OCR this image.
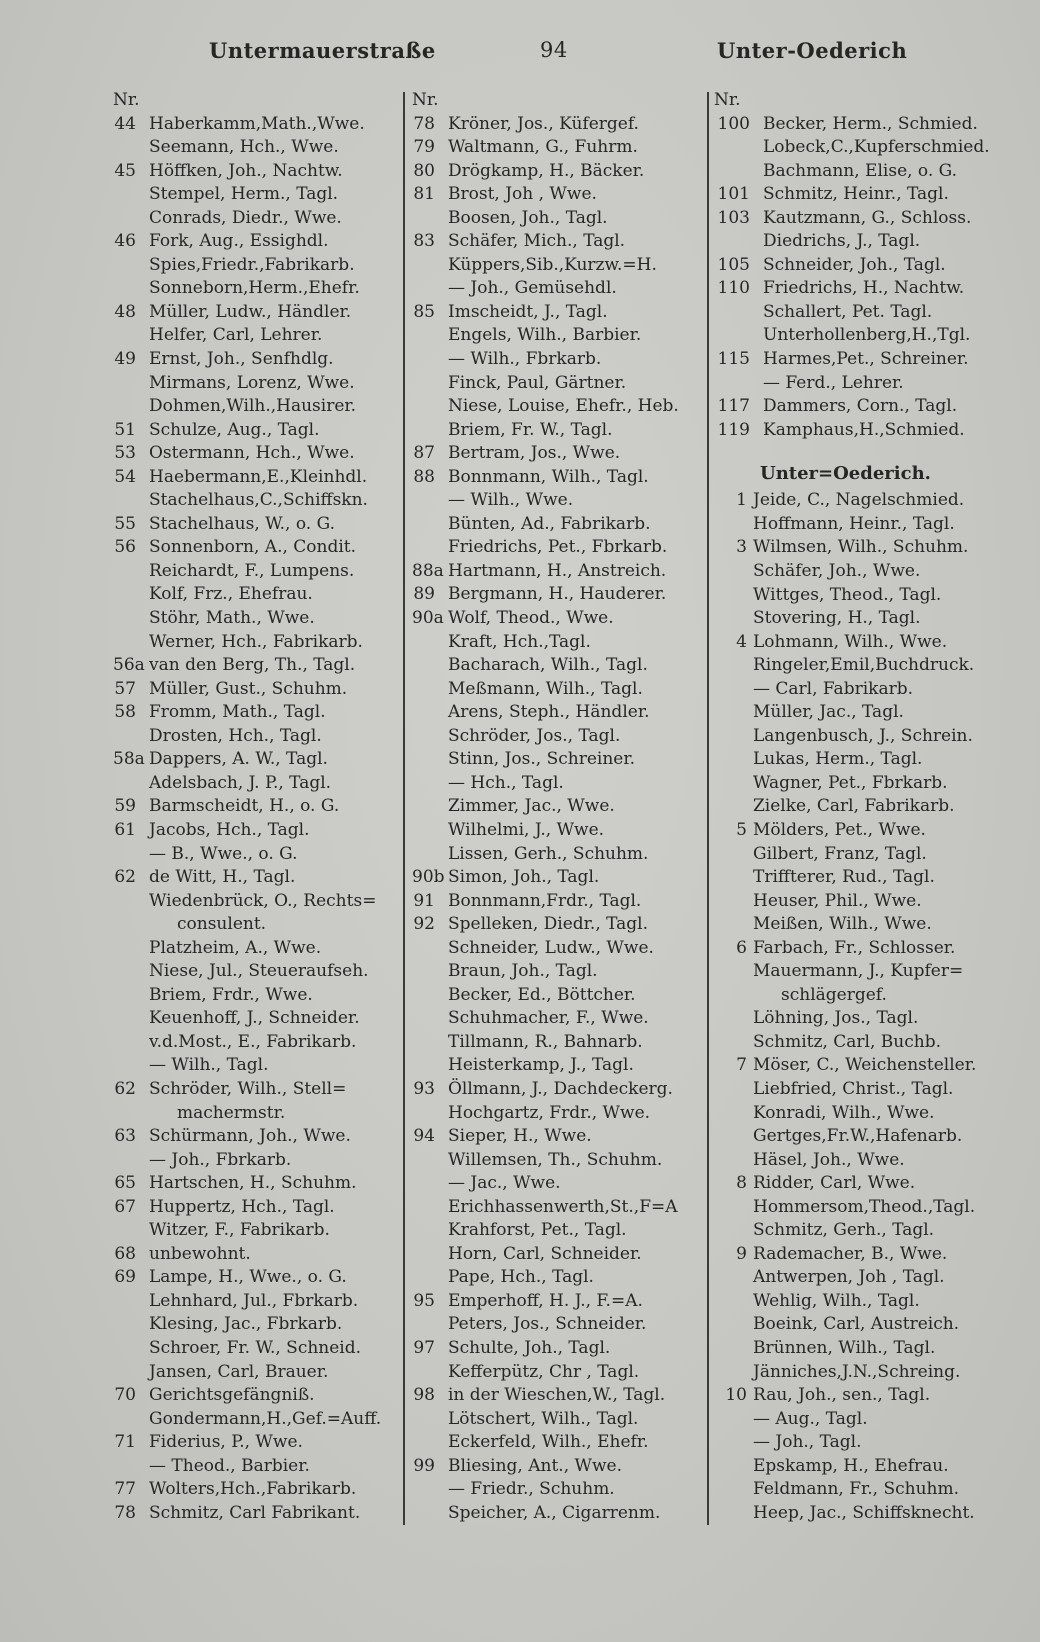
Untermauerstraße	94	Unter-Oederich
Nr.
44 Haberkamm,Math.,Wwe.
Seemann, Hch., Wwe.
45 Höffken, Joh., Nachtw.
Stempel, Herm., Tagl.
Conrads, Diedr., Wwe.
46 Fork, Aug., Essighdl.
Spies,Friedr.,Fabrikarb.
Sonneborn,Herm.,Ehefr.
48 Müller, Ludw., Händler.
Helfer, Carl, Lehrer.
49 Ernst, Joh., Senfhdlg.
Mirmans, Lorenz, Wwe.
Dohmen,Wilh.,Hausirer.
51 Schulze, Aug., Tagl.
53 Ostermann, Hch., Wwe.
54 Haebermann,E.,Kleinhdl.
Stachelhaus,C.,Schiffskn.
55 Stachelhaus, W., o. G.
56 Sonnenborn, A., Condit.
Reichardt, F., Lumpens.
Kolf, Frz., Ehefrau.
Stöhr, Math., Wwe.
Werner, Hch., Fabrikarb.
56a van den Berg, Th., Tagl.
57 Müller, Gust., Schuhm.
58 Fromm, Math., Tagl.
Drosten, Hch., Tagl.
58a Dappers, A. W., Tagl.
Adelsbach, J. P., Tagl.
59 Barmscheidt, H., o. G.
61 Jacobs, Hch., Tagl.
— B., Wwe., o. G.
62 de Witt, H., Tagl.
Wiedenbrück, O., Rechts=
consulent.
Platzheim, A., Wwe.
Niese, Jul., Steueraufseh.
Briem, Frdr., Wwe.
Keuenhoff, J., Schneider.
v.d.Most., E., Fabrikarb.
— Wilh., Tagl.
62 Schröder, Wilh., Stell=
machermstr.
63 Schürmann, Joh., Wwe.
— Joh., Fbrkarb.
65 Hartschen, H., Schuhm.
67 Huppertz, Hch., Tagl.
Witzer, F., Fabrikarb.
68 unbewohnt.
69 Lampe, H., Wwe., o. G.
Lehnhard, Jul., Fbrkarb.
Klesing, Jac., Fbrkarb.
Schroer, Fr. W., Schneid.
Jansen, Carl, Brauer.
70 Gerichtsgefängniß.
Gondermann,H.,Gef.=Auff.
71 Fiderius, P., Wwe.
— Theod., Barbier.
77 Wolters,Hch.,Fabrikarb.
78 Schmitz, Carl Fabrikant.
Nr.
78 Kröner, Jos., Küfergef.
79 Waltmann, G., Fuhrm.
80 Drögkamp, H., Bäcker.
81 Brost, Joh , Wwe.
Boosen, Joh., Tagl.
83 Schäfer, Mich., Tagl.
Küppers,Sib.,Kurzw.=H.
— Joh., Gemüsehdl.
85 Imscheidt, J., Tagl.
Engels, Wilh., Barbier.
— Wilh., Fbrkarb.
Finck, Paul, Gärtner.
Niese, Louise, Ehefr., Heb.
Briem, Fr. W., Tagl.
87 Bertram, Jos., Wwe.
88 Bonnmann, Wilh., Tagl.
— Wilh., Wwe.
Bünten, Ad., Fabrikarb.
Friedrichs, Pet., Fbrkarb.
88a Hartmann, H., Anstreich.
89 Bergmann, H., Hauderer.
90a Wolf, Theod., Wwe.
Kraft, Hch.,Tagl.
Bacharach, Wilh., Tagl.
Meßmann, Wilh., Tagl.
Arens, Steph., Händler.
Schröder, Jos., Tagl.
Stinn, Jos., Schreiner.
— Hch., Tagl.
Zimmer, Jac., Wwe.
Wilhelmi, J., Wwe.
Lissen, Gerh., Schuhm.
90b Simon, Joh., Tagl.
91 Bonnmann,Frdr., Tagl.
92 Spelleken, Diedr., Tagl.
Schneider, Ludw., Wwe.
Braun, Joh., Tagl.
Becker, Ed., Böttcher.
Schuhmacher, F., Wwe.
Tillmann, R., Bahnarb.
Heisterkamp, J., Tagl.
93 Öllmann, J., Dachdeckerg.
Hochgartz, Frdr., Wwe.
94 Sieper, H., Wwe.
Willemsen, Th., Schuhm.
— Jac., Wwe.
Erichhassenwerth,St.,F=A
Krahforst, Pet., Tagl.
Horn, Carl, Schneider.
Pape, Hch., Tagl.
95 Emperhoff, H. J., F.=A.
Peters, Jos., Schneider.
97 Schulte, Joh., Tagl.
Kefferpütz, Chr , Tagl.
98 in der Wieschen,W., Tagl.
Lötschert, Wilh., Tagl.
Eckerfeld, Wilh., Ehefr.
99 Bliesing, Ant., Wwe.
— Friedr., Schuhm.
Speicher, A., Cigarrenm.
Nr.
100 Becker, Herm., Schmied.
Lobeck,C.,Kupferschmied.
Bachmann, Elise, o. G.
101 Schmitz, Heinr., Tagl.
103 Kautzmann, G., Schloss.
Diedrichs, J., Tagl.
105 Schneider, Joh., Tagl.
110 Friedrichs, H., Nachtw.
Schallert, Pet. Tagl.
Unterhollenberg,H.,Tgl.
115 Harmes,Pet., Schreiner.
— Ferd., Lehrer.
117 Dammers, Corn., Tagl.
119 Kamphaus,H.,Schmied.
Unter=Oederich.
1 Jeide, C., Nagelschmied.
Hoffmann, Heinr., Tagl.
3 Wilmsen, Wilh., Schuhm.
Schäfer, Joh., Wwe.
Wittges, Theod., Tagl.
Stovering, H., Tagl.
4 Lohmann, Wilh., Wwe.
Ringeler,Emil,Buchdruck.
— Carl, Fabrikarb.
Müller, Jac., Tagl.
Langenbusch, J., Schrein.
Lukas, Herm., Tagl.
Wagner, Pet., Fbrkarb.
Zielke, Carl, Fabrikarb.
5 Mölders, Pet., Wwe.
Gilbert, Franz, Tagl.
Triffterer, Rud., Tagl.
Heuser, Phil., Wwe.
Meißen, Wilh., Wwe.
6 Farbach, Fr., Schlosser.
Mauermann, J., Kupfer=
schlägergef.
Löhning, Jos., Tagl.
Schmitz, Carl, Buchb.
7 Möser, C., Weichensteller.
Liebfried, Christ., Tagl.
Konradi, Wilh., Wwe.
Gertges,Fr.W.,Hafenarb.
Häsel, Joh., Wwe.
8 Ridder, Carl, Wwe.
Hommersom,Theod.,Tagl.
Schmitz, Gerh., Tagl.
9 Rademacher, B., Wwe.
Antwerpen, Joh , Tagl.
Wehlig, Wilh., Tagl.
Boeink, Carl, Austreich.
Brünnen, Wilh., Tagl.
Jänniches,J.N.,Schreing.
10 Rau, Joh., sen., Tagl.
— Aug., Tagl.
— Joh., Tagl.
Epskamp, H., Ehefrau.
Feldmann, Fr., Schuhm.
Heep, Jac., Schiffsknecht.
